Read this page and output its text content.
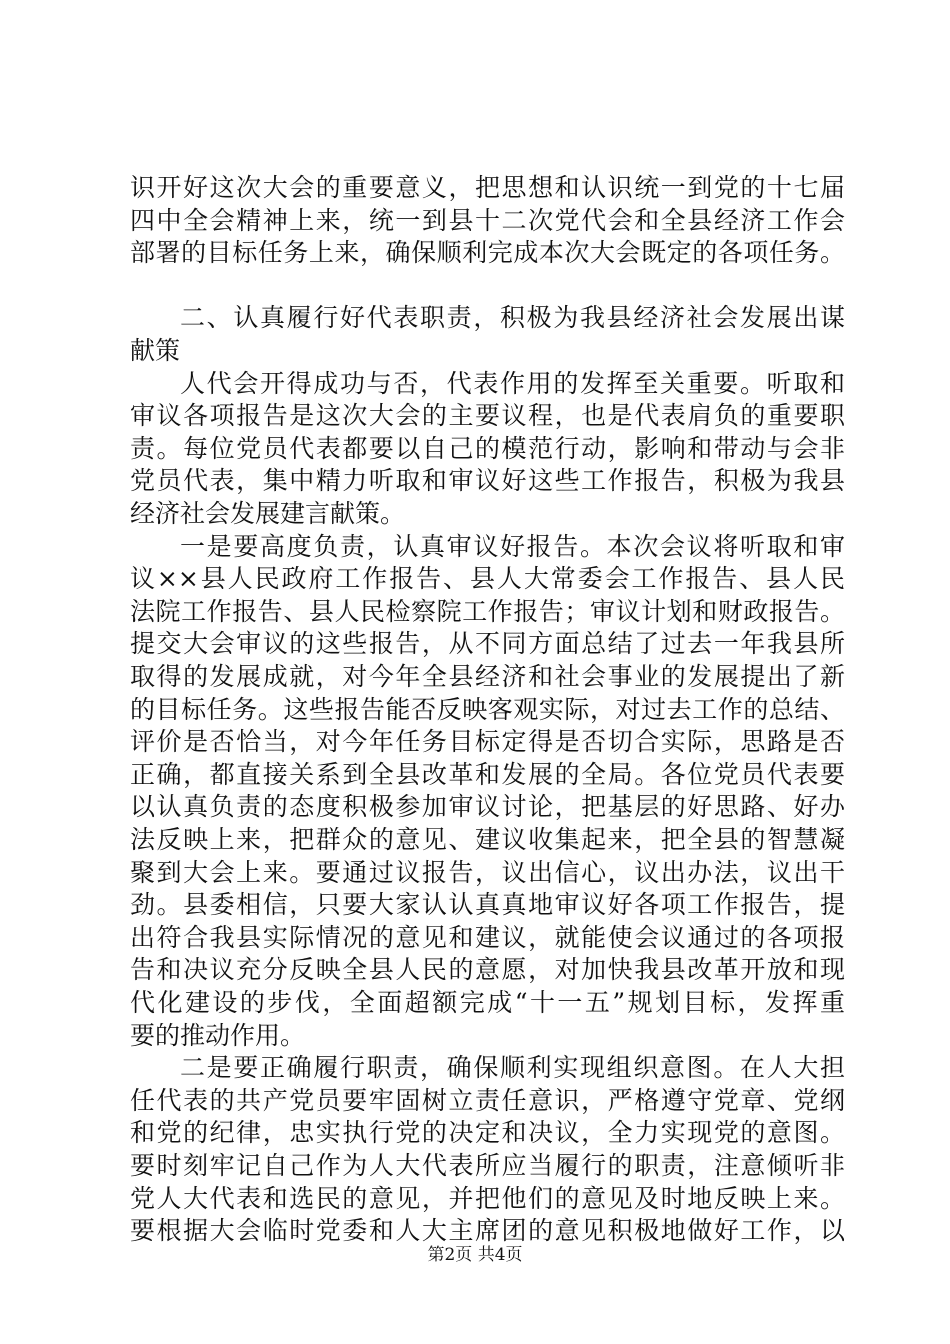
识开好这次大会的重要意义，把思想和认识统一到党的十七届
四中全会精神上来，统一到县十二次党代会和全县经济工作会
部署的目标任务上来，确保顺利完成本次大会既定的各项任务。
二、认真履行好代表职责，积极为我县经济社会发展出谋
献策
人代会开得成功与否，代表作用的发挥至关重要。听取和
审议各项报告是这次大会的主要议程，也是代表肩负的重要职
责。每位党员代表都要以自己的模范行动，影响和带动与会非
党员代表，集中精力听取和审议好这些工作报告，积极为我县
经济社会发展建言献策。
一是要高度负责，认真审议好报告。本次会议将听取和审
议××县人民政府工作报告、县人大常委会工作报告、县人民
法院工作报告、县人民检察院工作报告；审议计划和财政报告。
提交大会审议的这些报告，从不同方面总结了过去一年我县所
取得的发展成就，对今年全县经济和社会事业的发展提出了新
的目标任务。这些报告能否反映客观实际，对过去工作的总结、
评价是否恰当，对今年任务目标定得是否切合实际，思路是否
正确，都直接关系到全县改革和发展的全局。各位党员代表要
以认真负责的态度积极参加审议讨论，把基层的好思路、好办
法反映上来，把群众的意见、建议收集起来，把全县的智慧凝
聚到大会上来。要通过议报告，议出信心，议出办法，议出干
劲。县委相信，只要大家认认真真地审议好各项工作报告，提
出符合我县实际情况的意见和建议，就能使会议通过的各项报
告和决议充分反映全县人民的意愿，对加快我县改革开放和现
代化建设的步伐，全面超额完成“十一五”规划目标，发挥重
要的推动作用。
二是要正确履行职责，确保顺利实现组织意图。在人大担
任代表的共产党员要牢固树立责任意识，严格遵守党章、党纲
和党的纪律，忠实执行党的决定和决议，全力实现党的意图。
要时刻牢记自己作为人大代表所应当履行的职责，注意倾听非
党人大代表和选民的意见，并把他们的意见及时地反映上来。
要根据大会临时党委和人大主席团的意见积极地做好工作，以
第2页 共4页
